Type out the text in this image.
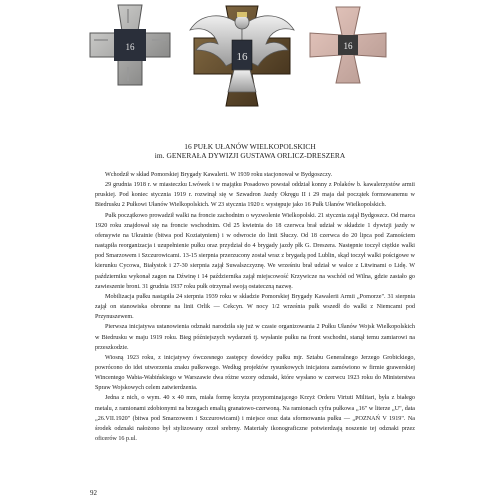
16
16
16
16 PUŁK UŁANÓW WIELKOPOLSKICH
im. GENERAŁA DYWIZJI GUSTAWA ORLICZ-DRESZERA

Wchodził w skład Pomorskiej Brygady Kawalerii. W 1939 roku stacjonował w Bydgoszczy.

29 grudnia 1918 r. w miasteczku Lwówek i w majątku Posadowo powstał oddział konny z Polaków b. kawalerzystów armii pruskiej. Pod koniec stycznia 1919 r. rozwinął się w Szwadron Jazdy Okręgu II i 29 maja dał początek formowanemu w Biedrusku 2 Pułkowi Ułanów Wielkopolskich. W 23 stycznia 1920 r. występuje jako 16 Pułk Ułanów Wielkopolskich.

Pułk początkowo prowadził walki na froncie zachodnim o wyzwolenie Wielkopolski. 21 stycznia zajął Bydgoszcz. Od marca 1920 roku znajdował się na froncie wschodnim. Od 25 kwietnia do 18 czerwca brał udział w składzie 1 dywizji jazdy w ofensywie na Ukrainie (bitwa pod Koziatyniem) i w odwrocie do linii Słuczy. Od 18 czerwca do 20 lipca pod Zamościem nastąpiła reorganizacja i uzupełnienie pułku oraz przydział do 4 brygady jazdy płk G. Dreszera. Następnie toczył ciężkie walki pod Smarzowem i Szczurowicami. 13-15 sierpnia przerzucony został wraz z brygadą pod Lublin, skąd toczył walki pościgowe w kierunku Cycowa, Białystok i 27-30 sierpnia zajął Suwalszczyznę. We wrześniu brał udział w walce z Litwinami o Lidę. W październiku wykonał zagon na Dźwinę i 14 października zajął miejscowość Krzywicze na wschód od Wilna, gdzie zastało go zawieszenie broni. 31 grudnia 1937 roku pułk otrzymał swoją ostateczną nazwę.

Mobilizacja pułku nastąpiła 24 sierpnia 1939 roku w składzie Pomorskiej Brygady Kawalerii Armii „Pomorze". 31 sierpnia zajął on stanowiska obronne na linii Orlik — Cekcyn. W nocy 1/2 września pułk wszedł do walki z Niemcami pod Przynuszewem.

Pierwsza inicjatywa ustanowienia odznaki narodziła się już w czasie organizowania 2 Pułku Ułanów Wojsk Wielkopolskich w Biedrusku w maju 1919 roku. Bieg późniejszych wydarzeń tj. wysłanie pułku na front wschodni, stanął temu zamiarowi na przeszkodzie.

Wiosną 1923 roku, z inicjatywy ówczesnego zastępcy dowódcy pułku mjr. Sztabu Generalnego Jerzego Grobickiego, powrócono do idei utworzenia znaku pułkowego. Według projektów rysunkowych inicjatora zamówiono w firmie grawerskiej Wincentego Wabia-Wabińskiego w Warszawie dwa różne wzory odznaki, które wysłano w czerwcu 1923 roku do Ministerstwa Spraw Wojskowych celem zatwierdzenia.

Jedna z nich, o wym. 40 x 40 mm, miała formę krzyża przypominającego Krzyż Orderu Virtuti Militari, była z białego metalu, z ramionami zdobionymi na brzegach emalią granatowo-czerwoną. Na ramionach cyfra pułkowa „16" w literze „U", data „26.VII.1920" (bitwa pod Smarzowem i Szczurowicami) i miejsce oraz data sformowania pułku — „POZNAŃ V 1919". Na środek odznaki nałożono był stylizowany orzeł srebrny. Materiały ikonograficzne potwierdzają noszenie tej odznaki przez oficerów 16 p.ul.

92
